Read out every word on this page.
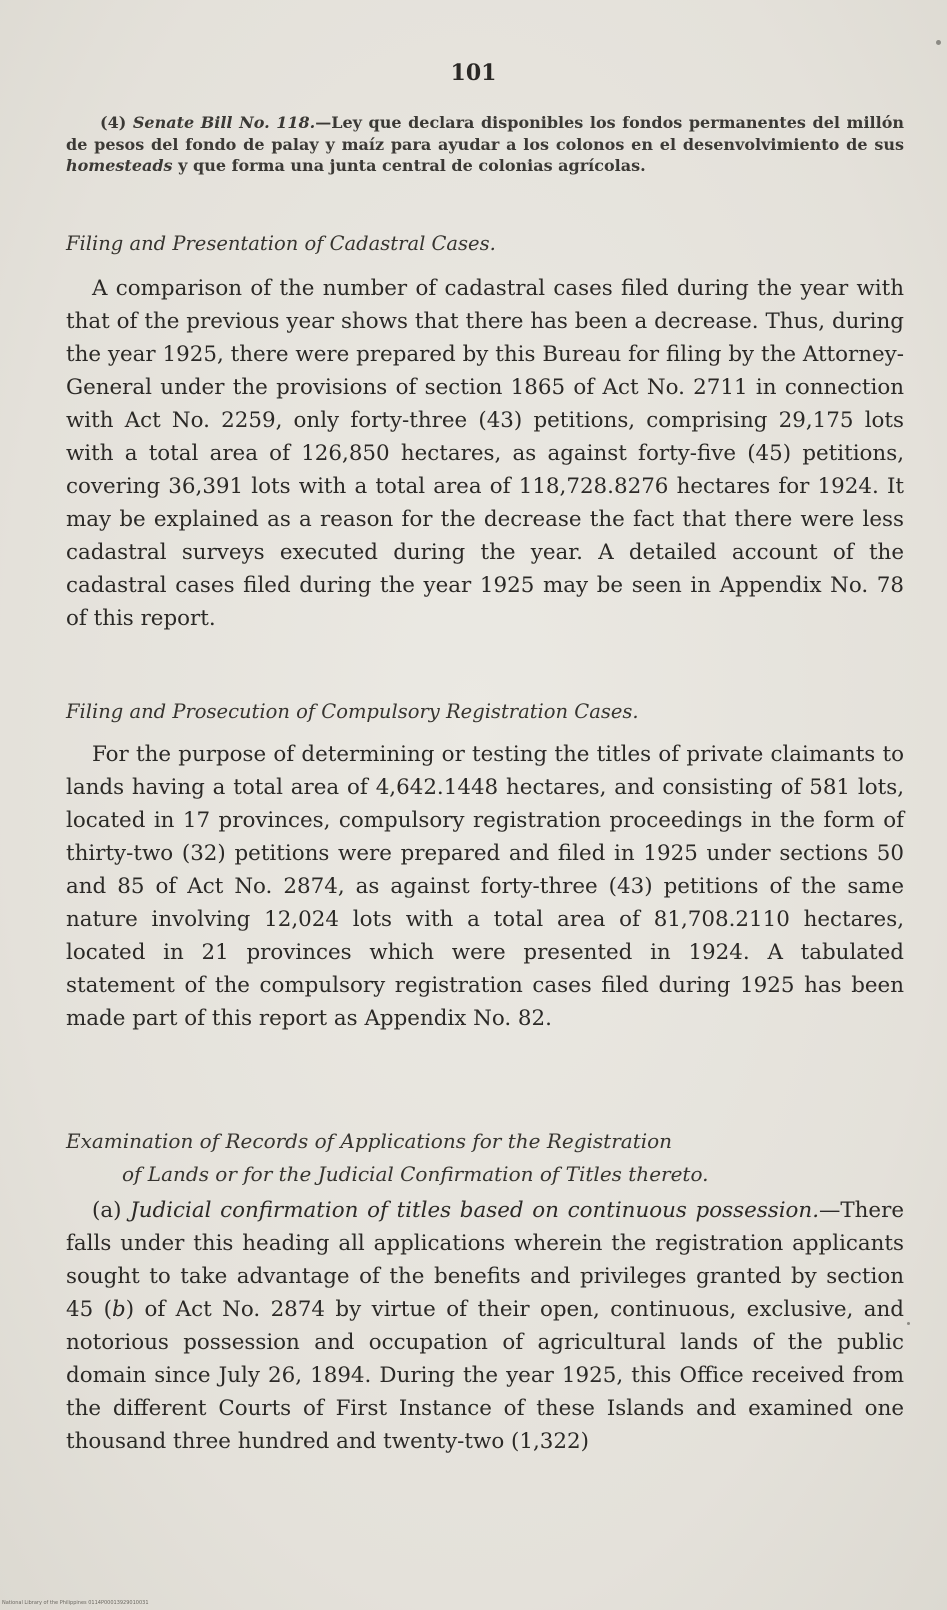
101
(4) Senate Bill No. 118.—Ley que declara disponibles los fondos permanentes del millón de pesos del fondo de palay y maíz para ayudar a los colonos en el desenvolvimiento de sus homesteads y que forma una junta central de colonias agrícolas.
Filing and Presentation of Cadastral Cases.
A comparison of the number of cadastral cases filed during the year with that of the previous year shows that there has been a decrease. Thus, during the year 1925, there were prepared by this Bureau for filing by the Attorney-General under the provisions of section 1865 of Act No. 2711 in connection with Act No. 2259, only forty-three (43) petitions, comprising 29,175 lots with a total area of 126,850 hectares, as against forty-five (45) petitions, covering 36,391 lots with a total area of 118,728.8276 hectares for 1924. It may be explained as a reason for the decrease the fact that there were less cadastral surveys executed during the year. A detailed account of the cadastral cases filed during the year 1925 may be seen in Appendix No. 78 of this report.
Filing and Prosecution of Compulsory Registration Cases.
For the purpose of determining or testing the titles of private claimants to lands having a total area of 4,642.1448 hectares, and consisting of 581 lots, located in 17 provinces, compulsory registration proceedings in the form of thirty-two (32) petitions were prepared and filed in 1925 under sections 50 and 85 of Act No. 2874, as against forty-three (43) petitions of the same nature involving 12,024 lots with a total area of 81,708.2110 hectares, located in 21 provinces which were presented in 1924. A tabulated statement of the compulsory registration cases filed during 1925 has been made part of this report as Appendix No. 82.
Examination of Records of Applications for the Registration
of Lands or for the Judicial Confirmation of Titles thereto.
(a) Judicial confirmation of titles based on continuous possession.—There falls under this heading all applications wherein the registration applicants sought to take advantage of the benefits and privileges granted by section 45 (b) of Act No. 2874 by virtue of their open, continuous, exclusive, and notorious possession and occupation of agricultural lands of the public domain since July 26, 1894. During the year 1925, this Office received from the different Courts of First Instance of these Islands and examined one thousand three hundred and twenty-two (1,322)
National Library of the Philippines 0114P00013929010031
